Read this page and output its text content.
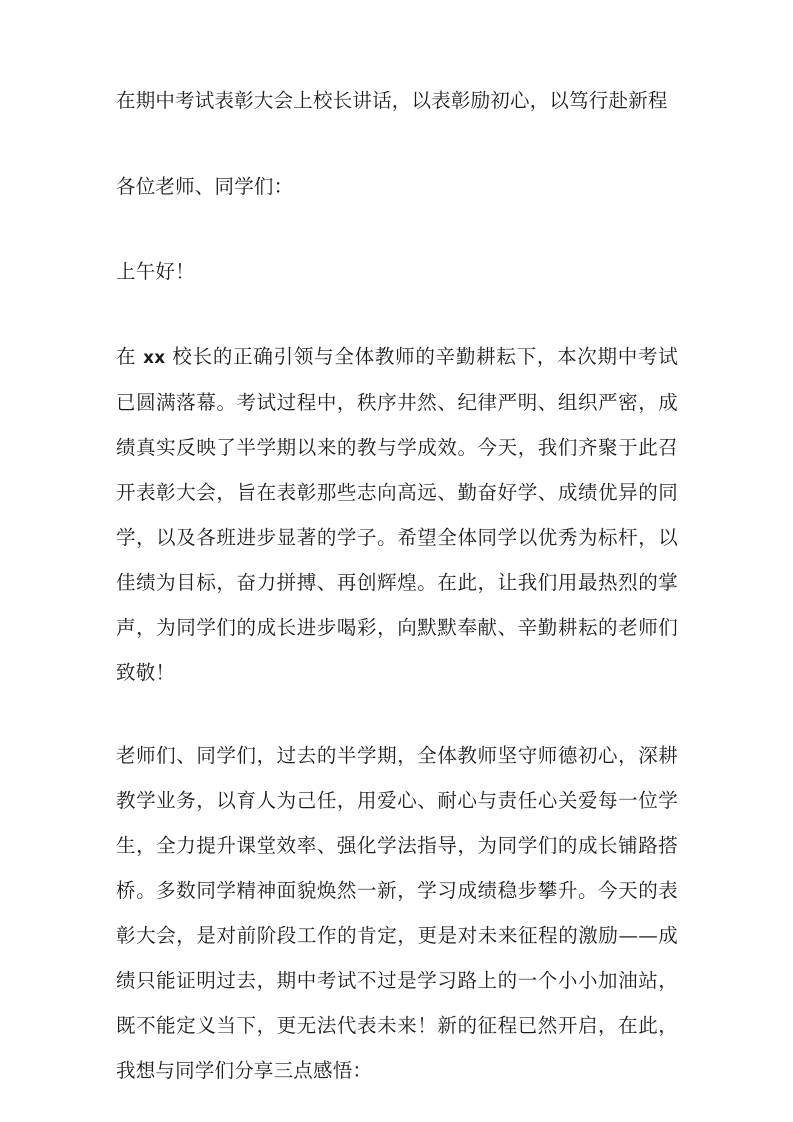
在期中考试表彰大会上校长讲话，以表彰励初心，以笃行赴新程

各位老师、同学们：

上午好！

在 xx 校长的正确引领与全体教师的辛勤耕耘下，本次期中考试已圆满落幕。考试过程中，秩序井然、纪律严明、组织严密，成绩真实反映了半学期以来的教与学成效。今天，我们齐聚于此召开表彰大会，旨在表彰那些志向高远、勤奋好学、成绩优异的同学，以及各班进步显著的学子。希望全体同学以优秀为标杆，以佳绩为目标，奋力拼搏、再创辉煌。在此，让我们用最热烈的掌声，为同学们的成长进步喝彩，向默默奉献、辛勤耕耘的老师们致敬！

老师们、同学们，过去的半学期，全体教师坚守师德初心，深耕教学业务，以育人为己任，用爱心、耐心与责任心关爱每一位学生，全力提升课堂效率、强化学法指导，为同学们的成长铺路搭桥。多数同学精神面貌焕然一新，学习成绩稳步攀升。今天的表彰大会，是对前阶段工作的肯定，更是对未来征程的激励——成绩只能证明过去，期中考试不过是学习路上的一个小小加油站，既不能定义当下，更无法代表未来！新的征程已然开启，在此，我想与同学们分享三点感悟：
